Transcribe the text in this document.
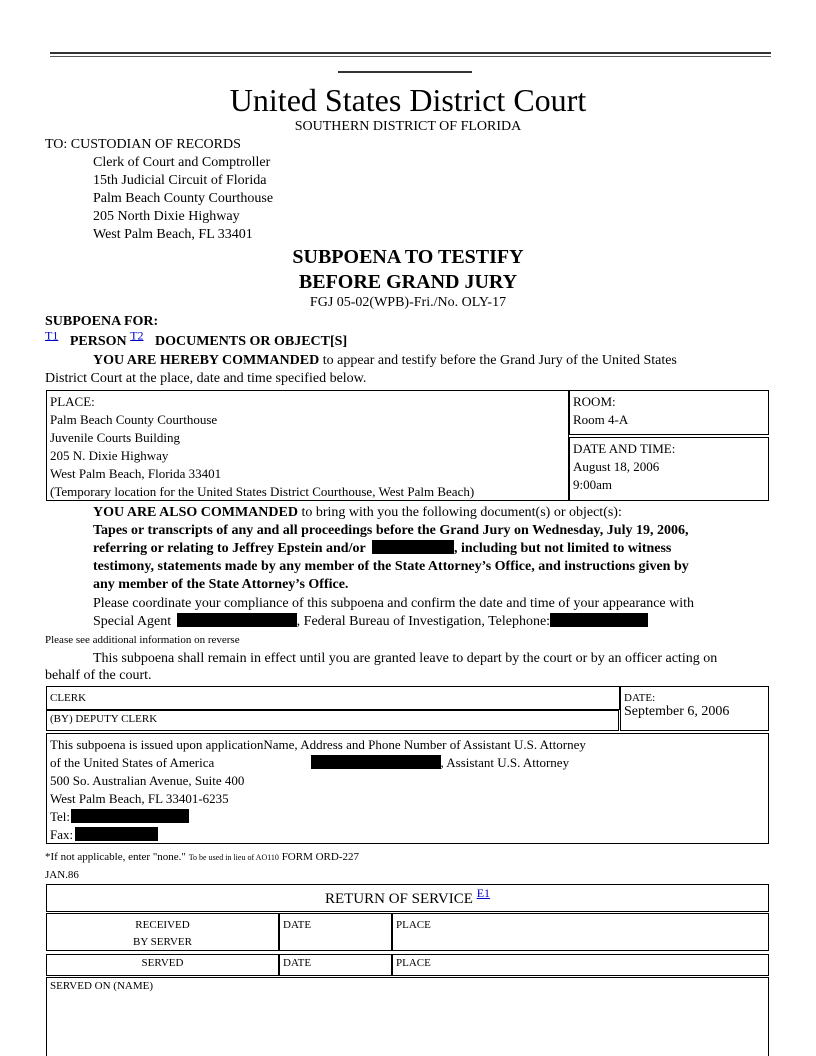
United States District Court
SOUTHERN DISTRICT OF FLORIDA
TO: CUSTODIAN OF RECORDS
Clerk of Court and Comptroller
15th Judicial Circuit of Florida
Palm Beach County Courthouse
205 North Dixie Highway
West Palm Beach, FL 33401
SUBPOENA TO TESTIFY
BEFORE GRAND JURY
FGJ 05-02(WPB)-Fri./No. OLY-17
SUBPOENA FOR:
T1 PERSON T2 DOCUMENTS OR OBJECT[S]
YOU ARE HEREBY COMMANDED to appear and testify before the Grand Jury of the United States
District Court at the place, date and time specified below.
PLACE:
Palm Beach County Courthouse
Juvenile Courts Building
205 N. Dixie Highway
West Palm Beach, Florida 33401
(Temporary location for the United States District Courthouse, West Palm Beach)
ROOM:
Room 4-A
DATE AND TIME:
August 18, 2006
9:00am
YOU ARE ALSO COMMANDED to bring with you the following document(s) or object(s):
Tapes or transcripts of any and all proceedings before the Grand Jury on Wednesday, July 19, 2006,
referring or relating to Jeffrey Epstein and/or	, including but not limited to witness
testimony, statements made by any member of the State Attorney’s Office, and instructions given by
any member of the State Attorney’s Office.
Please coordinate your compliance of this subpoena and confirm the date and time of your appearance with
Special Agent	, Federal Bureau of Investigation, Telephone:
Please see additional information on reverse
This subpoena shall remain in effect until you are granted leave to depart by the court or by an officer acting on
behalf of the court.
CLERK
(BY) DEPUTY CLERK
DATE:
September 6, 2006
This subpoena is issued upon applicationName, Address and Phone Number of Assistant U.S. Attorney
of the United States of America	, Assistant U.S. Attorney
500 So. Australian Avenue, Suite 400
West Palm Beach, FL 33401-6235
Tel:
Fax:
*If not applicable, enter "none." To be used in lieu of AO110 FORM ORD-227
JAN.86
RETURN OF SERVICE $^{E1}$
RECEIVED
BY SERVER
DATE	PLACE
SERVED	DATE	PLACE
SERVED ON (NAME)
